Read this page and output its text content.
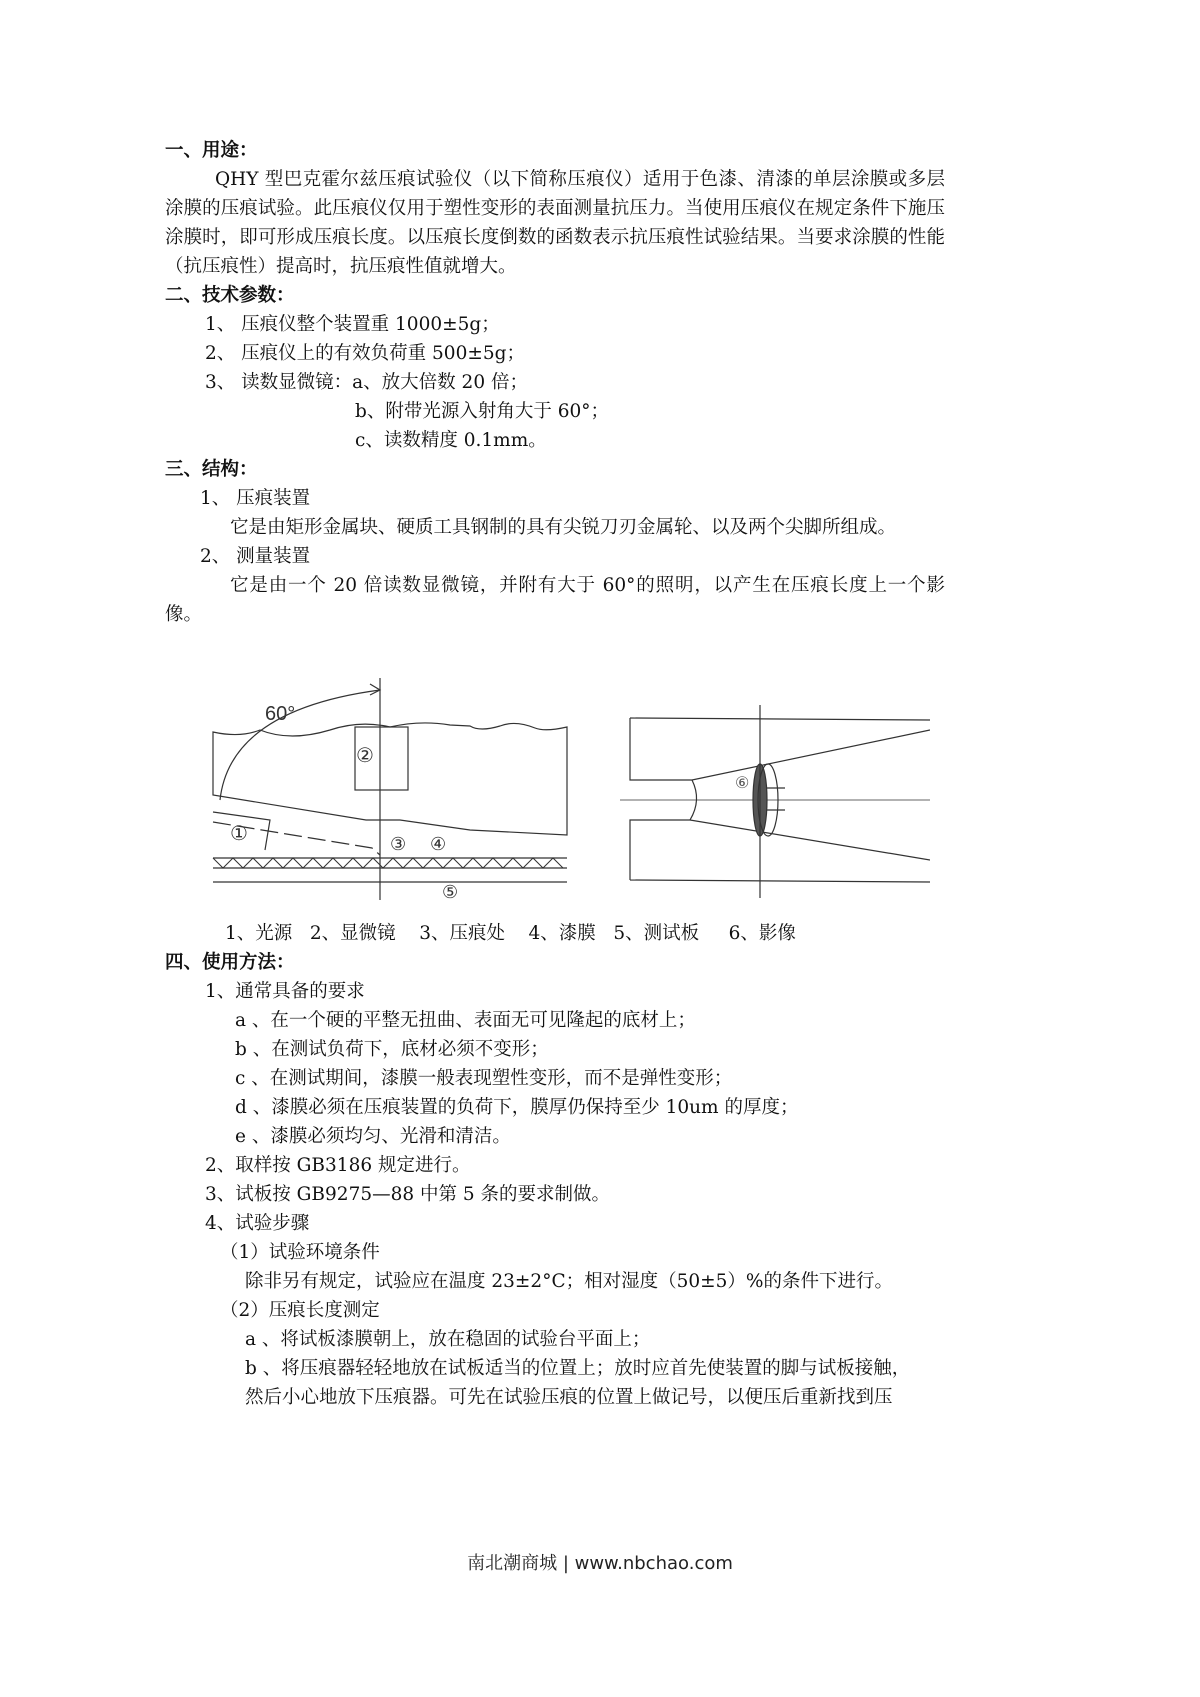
一、用途：
QHY 型巴克霍尔兹压痕试验仪（以下简称压痕仪）适用于色漆、清漆的单层涂膜或多层涂膜的压痕试验。此压痕仪仅用于塑性变形的表面测量抗压力。当使用压痕仪在规定条件下施压涂膜时，即可形成压痕长度。以压痕长度倒数的函数表示抗压痕性试验结果。当要求涂膜的性能（抗压痕性）提高时，抗压痕性值就增大。
二、技术参数：
1、 压痕仪整个装置重 1000±5g；
2、 压痕仪上的有效负荷重 500±5g；
3、 读数显微镜：a、放大倍数 20 倍；
b、附带光源入射角大于 60°；
c、读数精度 0.1mm。
三、结构：
1、 压痕装置
它是由矩形金属块、硬质工具钢制的具有尖锐刀刃金属轮、以及两个尖脚所组成。
2、 测量装置
它是由一个 20 倍读数显微镜，并附有大于 60°的照明，以产生在压痕长度上一个影像。
60°
①
②
③ ④
⑤
⑥
1、光源   2、显微镜    3、压痕处    4、漆膜   5、测试板     6、影像
四、使用方法：
1、通常具备的要求
a 、在一个硬的平整无扭曲、表面无可见隆起的底材上；
b 、在测试负荷下，底材必须不变形；
c 、在测试期间，漆膜一般表现塑性变形，而不是弹性变形；
d 、漆膜必须在压痕装置的负荷下，膜厚仍保持至少 10um 的厚度；
e 、漆膜必须均匀、光滑和清洁。
2、取样按 GB3186 规定进行。
3、试板按 GB9275—88 中第 5 条的要求制做。
4、试验步骤
（1）试验环境条件
除非另有规定，试验应在温度 23±2°C；相对湿度（50±5）%的条件下进行。
（2）压痕长度测定
a 、将试板漆膜朝上，放在稳固的试验台平面上；
b 、将压痕器轻轻地放在试板适当的位置上；放时应首先使装置的脚与试板接触，
然后小心地放下压痕器。可先在试验压痕的位置上做记号，以便压后重新找到压
南北潮商城 | www.nbchao.com
